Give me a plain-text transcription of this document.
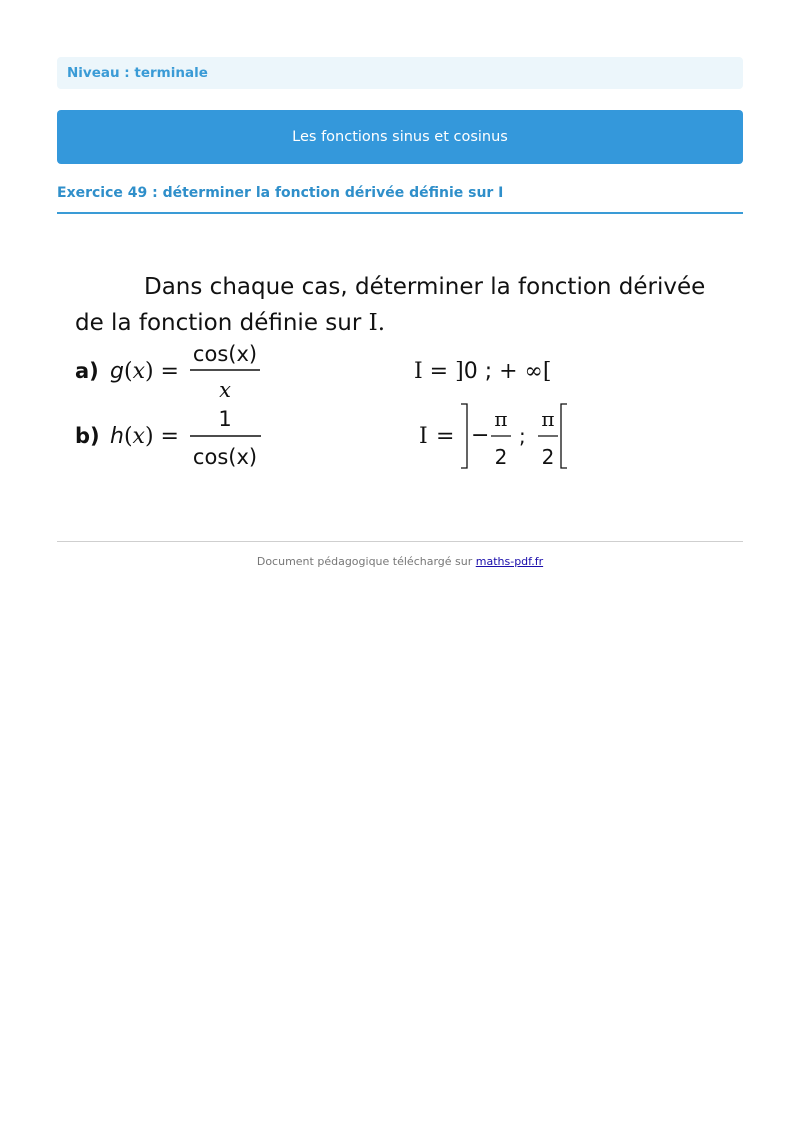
Niveau : terminale
Les fonctions sinus et cosinus
Exercice 49 : déterminer la fonction dérivée définie sur I
Dans chaque cas, déterminer la fonction dérivée
de la fonction définie sur I.
a) g(x) =
cos(x)
x
I = ]0 ; + ∞[
b) h(x) =
1
cos(x)
I = −
π
2
;
π
2
Document pédagogique téléchargé sur maths-pdf.fr
